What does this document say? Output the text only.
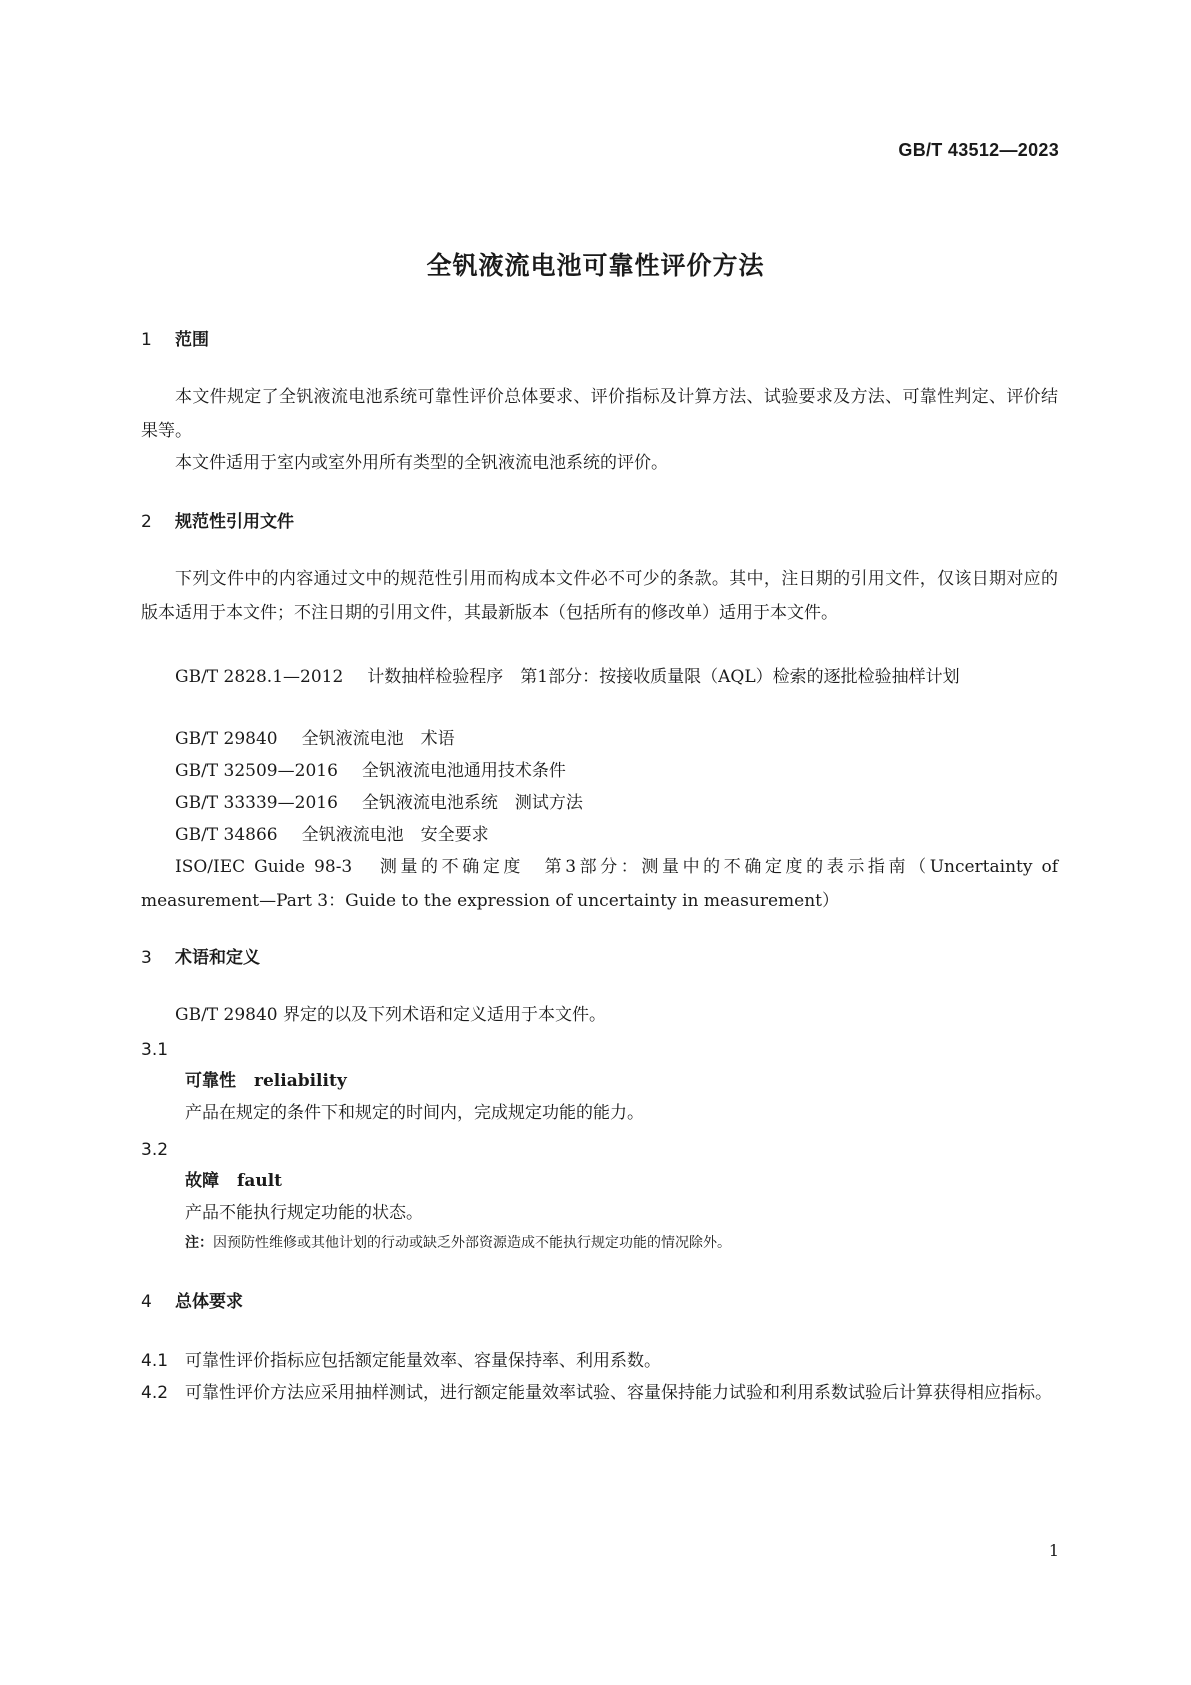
GB/T 43512—2023
全钒液流电池可靠性评价方法
1 范围
本文件规定了全钒液流电池系统可靠性评价总体要求、评价指标及计算方法、试验要求及方法、可靠性判定、评价结果等。
本文件适用于室内或室外用所有类型的全钒液流电池系统的评价。
2 规范性引用文件
下列文件中的内容通过文中的规范性引用而构成本文件必不可少的条款。其中，注日期的引用文件，仅该日期对应的版本适用于本文件；不注日期的引用文件，其最新版本（包括所有的修改单）适用于本文件。
GB/T 2828.1—2012 计数抽样检验程序　第1部分：按接收质量限（AQL）检索的逐批检验抽样计划
GB/T 29840 全钒液流电池　术语
GB/T 32509—2016 全钒液流电池通用技术条件
GB/T 33339—2016 全钒液流电池系统　测试方法
GB/T 34866 全钒液流电池　安全要求
ISO/IEC Guide 98-3 测量的不确定度　第3部分：测量中的不确定度的表示指南（Uncertainty of measurement—Part 3：Guide to the expression of uncertainty in measurement）
3 术语和定义
GB/T 29840 界定的以及下列术语和定义适用于本文件。
3.1
可靠性 reliability
产品在规定的条件下和规定的时间内，完成规定功能的能力。
3.2
故障 fault
产品不能执行规定功能的状态。
注：因预防性维修或其他计划的行动或缺乏外部资源造成不能执行规定功能的情况除外。
4 总体要求
4.1 可靠性评价指标应包括额定能量效率、容量保持率、利用系数。
4.2 可靠性评价方法应采用抽样测试，进行额定能量效率试验、容量保持能力试验和利用系数试验后计算获得相应指标。
1
